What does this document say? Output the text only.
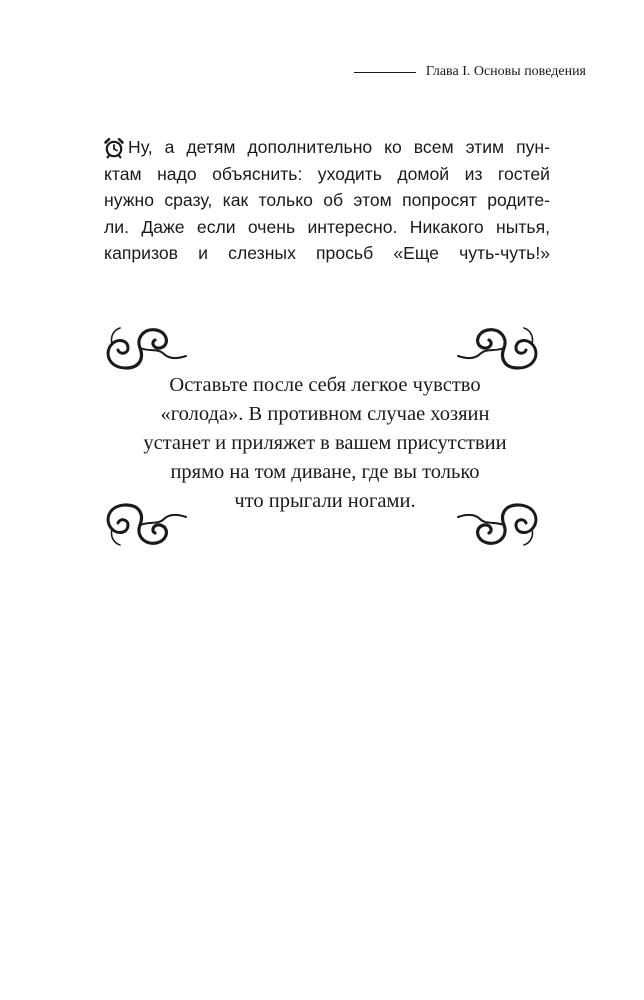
Глава I. Основы поведения
Ну, а детям дополнительно ко всем этим пун-
ктам надо объяснить: уходить домой из гостей
нужно сразу, как только об этом попросят родите-
ли. Даже если очень интересно. Никакого нытья,
капризов и слезных просьб «Еще чуть-чуть!»
Оставьте после себя легкое чувство
«голода». В противном случае хозяин
устанет и приляжет в вашем присутствии
прямо на том диване, где вы только
что прыгали ногами.
